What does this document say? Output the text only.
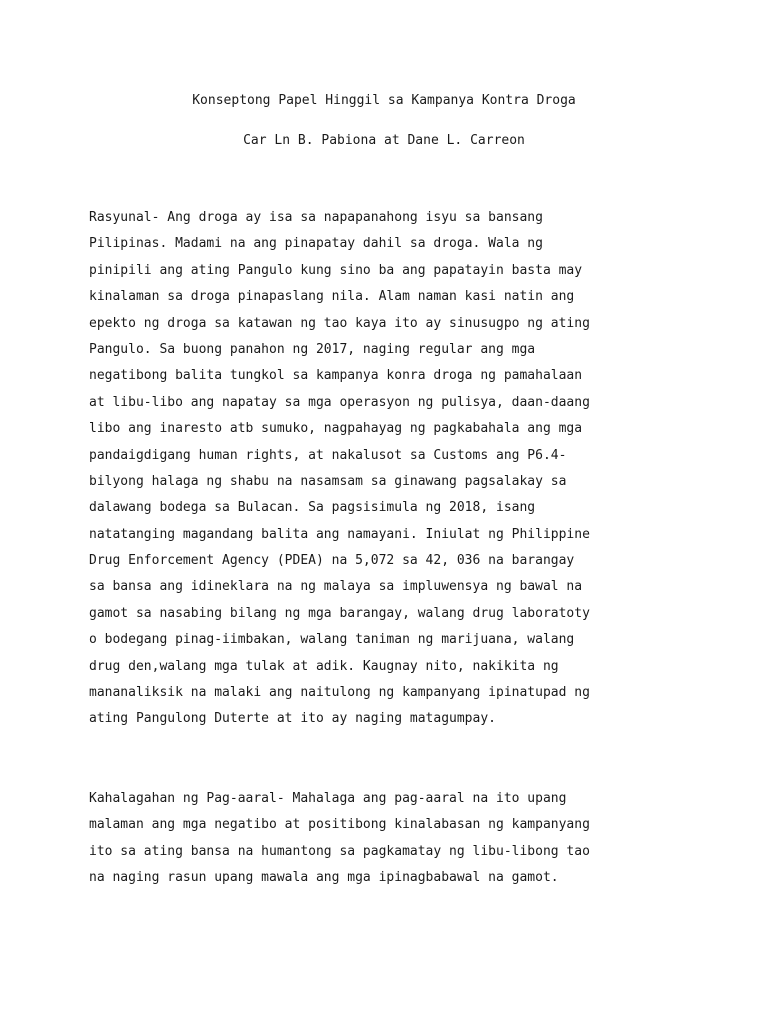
Konseptong Papel Hinggil sa Kampanya Kontra Droga
Car Ln B. Pabiona at Dane L. Carreon
Rasyunal- Ang droga ay isa sa napapanahong isyu sa bansang
Pilipinas. Madami na ang pinapatay dahil sa droga. Wala ng
pinipili ang ating Pangulo kung sino ba ang papatayin basta may
kinalaman sa droga pinapaslang nila. Alam naman kasi natin ang
epekto ng droga sa katawan ng tao kaya ito ay sinusugpo ng ating
Pangulo. Sa buong panahon ng 2017, naging regular ang mga
negatibong balita tungkol sa kampanya konra droga ng pamahalaan
at libu-libo ang napatay sa mga operasyon ng pulisya, daan-daang
libo ang inaresto atb sumuko, nagpahayag ng pagkabahala ang mga
pandaigdigang human rights, at nakalusot sa Customs ang P6.4-
bilyong halaga ng shabu na nasamsam sa ginawang pagsalakay sa
dalawang bodega sa Bulacan. Sa pagsisimula ng 2018, isang
natatanging magandang balita ang namayani. Iniulat ng Philippine
Drug Enforcement Agency (PDEA) na 5,072 sa 42, 036 na barangay
sa bansa ang idineklara na ng malaya sa impluwensya ng bawal na
gamot sa nasabing bilang ng mga barangay, walang drug laboratoty
o bodegang pinag-iimbakan, walang taniman ng marijuana, walang
drug den,walang mga tulak at adik. Kaugnay nito, nakikita ng
mananaliksik na malaki ang naitulong ng kampanyang ipinatupad ng
ating Pangulong Duterte at ito ay naging matagumpay.
Kahalagahan ng Pag-aaral- Mahalaga ang pag-aaral na ito upang
malaman ang mga negatibo at positibong kinalabasan ng kampanyang
ito sa ating bansa na humantong sa pagkamatay ng libu-libong tao
na naging rasun upang mawala ang mga ipinagbabawal na gamot.
